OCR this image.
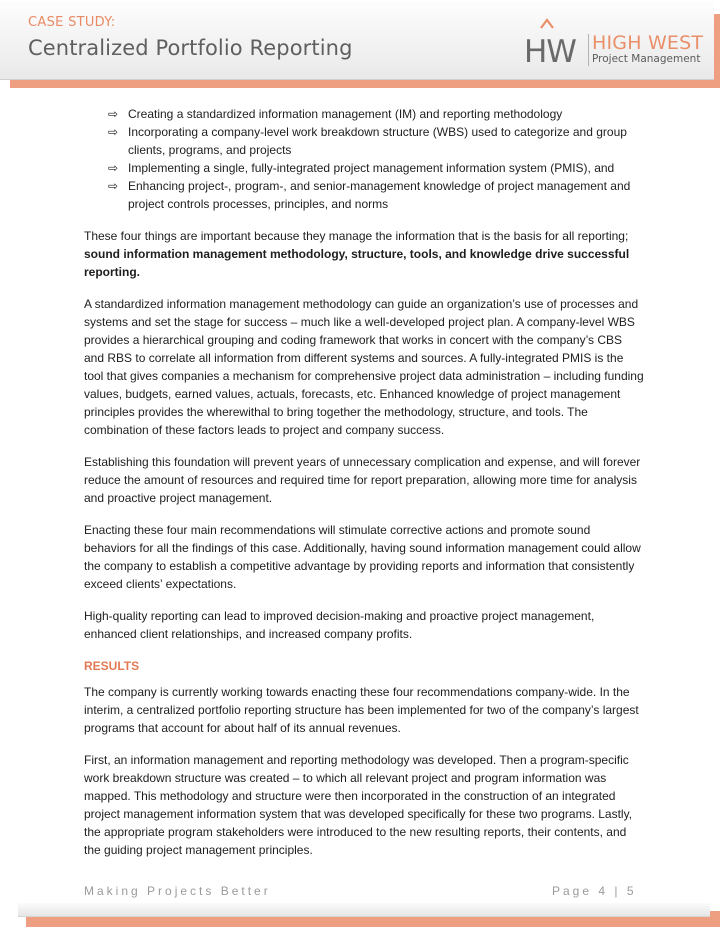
CASE STUDY:
Centralized Portfolio Reporting	HW HIGH WEST
Project Management
⇨ Creating a standardized information management (IM) and reporting methodology
⇨ Incorporating a company-level work breakdown structure (WBS) used to categorize and group clients, programs, and projects
⇨ Implementing a single, fully-integrated project management information system (PMIS), and
⇨ Enhancing project-, program-, and senior-management knowledge of project management and project controls processes, principles, and norms

These four things are important because they manage the information that is the basis for all reporting; sound information management methodology, structure, tools, and knowledge drive successful reporting.

A standardized information management methodology can guide an organization’s use of processes and systems and set the stage for success – much like a well-developed project plan. A company-level WBS provides a hierarchical grouping and coding framework that works in concert with the company’s CBS and RBS to correlate all information from different systems and sources. A fully-integrated PMIS is the tool that gives companies a mechanism for comprehensive project data administration – including funding values, budgets, earned values, actuals, forecasts, etc. Enhanced knowledge of project management principles provides the wherewithal to bring together the methodology, structure, and tools. The combination of these factors leads to project and company success.

Establishing this foundation will prevent years of unnecessary complication and expense, and will forever reduce the amount of resources and required time for report preparation, allowing more time for analysis and proactive project management.

Enacting these four main recommendations will stimulate corrective actions and promote sound behaviors for all the findings of this case. Additionally, having sound information management could allow the company to establish a competitive advantage by providing reports and information that consistently exceed clients’ expectations.

High-quality reporting can lead to improved decision-making and proactive project management, enhanced client relationships, and increased company profits.

RESULTS

The company is currently working towards enacting these four recommendations company-wide. In the interim, a centralized portfolio reporting structure has been implemented for two of the company’s largest programs that account for about half of its annual revenues.

First, an information management and reporting methodology was developed. Then a program-specific work breakdown structure was created – to which all relevant project and program information was mapped. This methodology and structure were then incorporated in the construction of an integrated project management information system that was developed specifically for these two programs. Lastly, the appropriate program stakeholders were introduced to the new resulting reports, their contents, and the guiding project management principles.

Making Projects Better	Page 4 | 5
